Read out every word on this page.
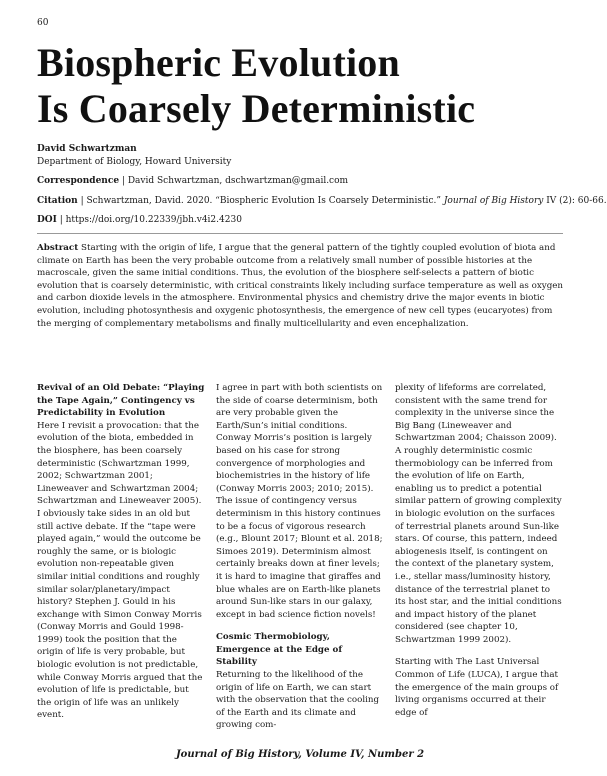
60
Biospheric Evolution
Is Coarsely Deterministic
David Schwartzman
Department of Biology, Howard University
Correspondence | David Schwartzman, dschwartzman@gmail.com
Citation | Schwartzman, David. 2020. “Biospheric Evolution Is Coarsely Deterministic.” Journal of Big History IV (2): 60-66.
DOI | https://doi.org/10.22339/jbh.v4i2.4230
Abstract Starting with the origin of life, I argue that the general pattern of the tightly coupled evolution of biota and climate on Earth has been the very probable outcome from a relatively small number of possible histories at the macroscale, given the same initial conditions. Thus, the evolution of the biosphere self-selects a pattern of biotic evolution that is coarsely deterministic, with critical constraints likely including surface temperature as well as oxygen and carbon dioxide levels in the atmosphere. Environmental physics and chemistry drive the major events in biotic evolution, including photosynthesis and oxygenic photosynthesis, the emergence of new cell types (eucaryotes) from the merging of complementary metabolisms and finally multicellularity and even encephalization.

Revival of an Old Debate: “Playing the Tape Again,” Contingency vs Predictability in Evolution

Here I revisit a provocation: that the evolution of the biota, embedded in the biosphere, has been coarsely deterministic (Schwartzman 1999, 2002; Schwartzman 2001; Lineweaver and Schwartzman 2004; Schwartzman and Lineweaver 2005). I obviously take sides in an old but still active debate. If the “tape were played again,” would the outcome be roughly the same, or is biologic evolution non-repeatable given similar initial conditions and roughly similar solar/planetary/impact history? Stephen J. Gould in his exchange with Simon Conway Morris (Conway Morris and Gould 1998-1999) took the position that the origin of life is very probable, but biologic evolution is not predictable, while Conway Morris argued that the evolution of life is predictable, but the origin of life was an unlikely event.

I agree in part with both scientists on the side of coarse determinism, both are very probable given the Earth/Sun’s initial conditions. Conway Morris’s position is largely based on his case for strong convergence of morphologies and biochemistries in the history of life (Conway Morris 2003; 2010; 2015). The issue of contingency versus determinism in this history continues to be a focus of vigorous research (e.g., Blount 2017; Blount et al. 2018; Simoes 2019). Determinism almost certainly breaks down at finer levels; it is hard to imagine that giraffes and blue whales are on Earth-like planets around Sun-like stars in our galaxy, except in bad science fiction novels!

Cosmic Thermobiology, Emergence at the Edge of Stability

Returning to the likelihood of the origin of life on Earth, we can start with the observation that the cooling of the Earth and its climate and growing com-

plexity of lifeforms are correlated, consistent with the same trend for complexity in the universe since the Big Bang (Lineweaver and Schwartzman 2004; Chaisson 2009). A roughly deterministic cosmic thermobiology can be inferred from the evolution of life on Earth, enabling us to predict a potential similar pattern of growing complexity in biologic evolution on the surfaces of terrestrial planets around Sun-like stars. Of course, this pattern, indeed abiogenesis itself, is contingent on the context of the planetary system, i.e., stellar mass/luminosity history, distance of the terrestrial planet to its host star, and the initial conditions and impact history of the planet considered (see chapter 10, Schwartzman 1999 2002).

Starting with The Last Universal Common of Life (LUCA), I argue that the emergence of the main groups of living organisms occurred at their edge of

Journal of Big History, Volume IV, Number 2
